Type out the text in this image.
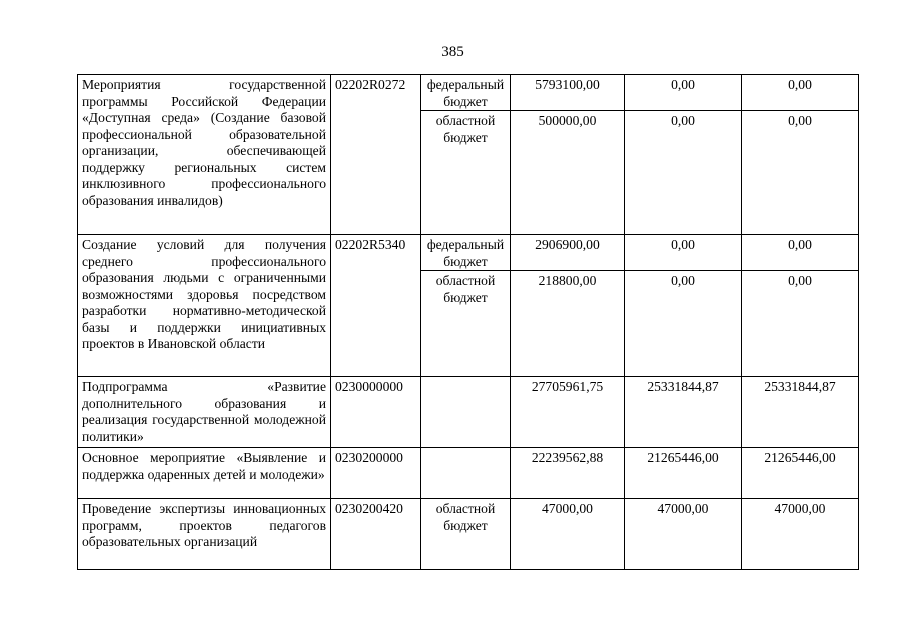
385
Мероприятия государственной программы Российской Федерации «Доступная среда» (Создание базовой профессиональной образовательной организации, обеспечивающей поддержку региональных систем инклюзивного профессионального образования инвалидов)	02202R0272	федеральный бюджет	5793100,00	0,00	0,00
		областной бюджет	500000,00	0,00	0,00
Создание условий для получения среднего профессионального образования людьми с ограниченными возможностями здоровья посредством разработки нормативно-методической базы и поддержки инициативных проектов в Ивановской области	02202R5340	федеральный бюджет	2906900,00	0,00	0,00
		областной бюджет	218800,00	0,00	0,00
Подпрограмма «Развитие дополнительного образования и реализация государственной молодежной политики»	0230000000		27705961,75	25331844,87	25331844,87
Основное мероприятие «Выявление и поддержка одаренных детей и молодежи»	0230200000		22239562,88	21265446,00	21265446,00
Проведение экспертизы инновационных программ, проектов педагогов образовательных организаций	0230200420	областной бюджет	47000,00	47000,00	47000,00
